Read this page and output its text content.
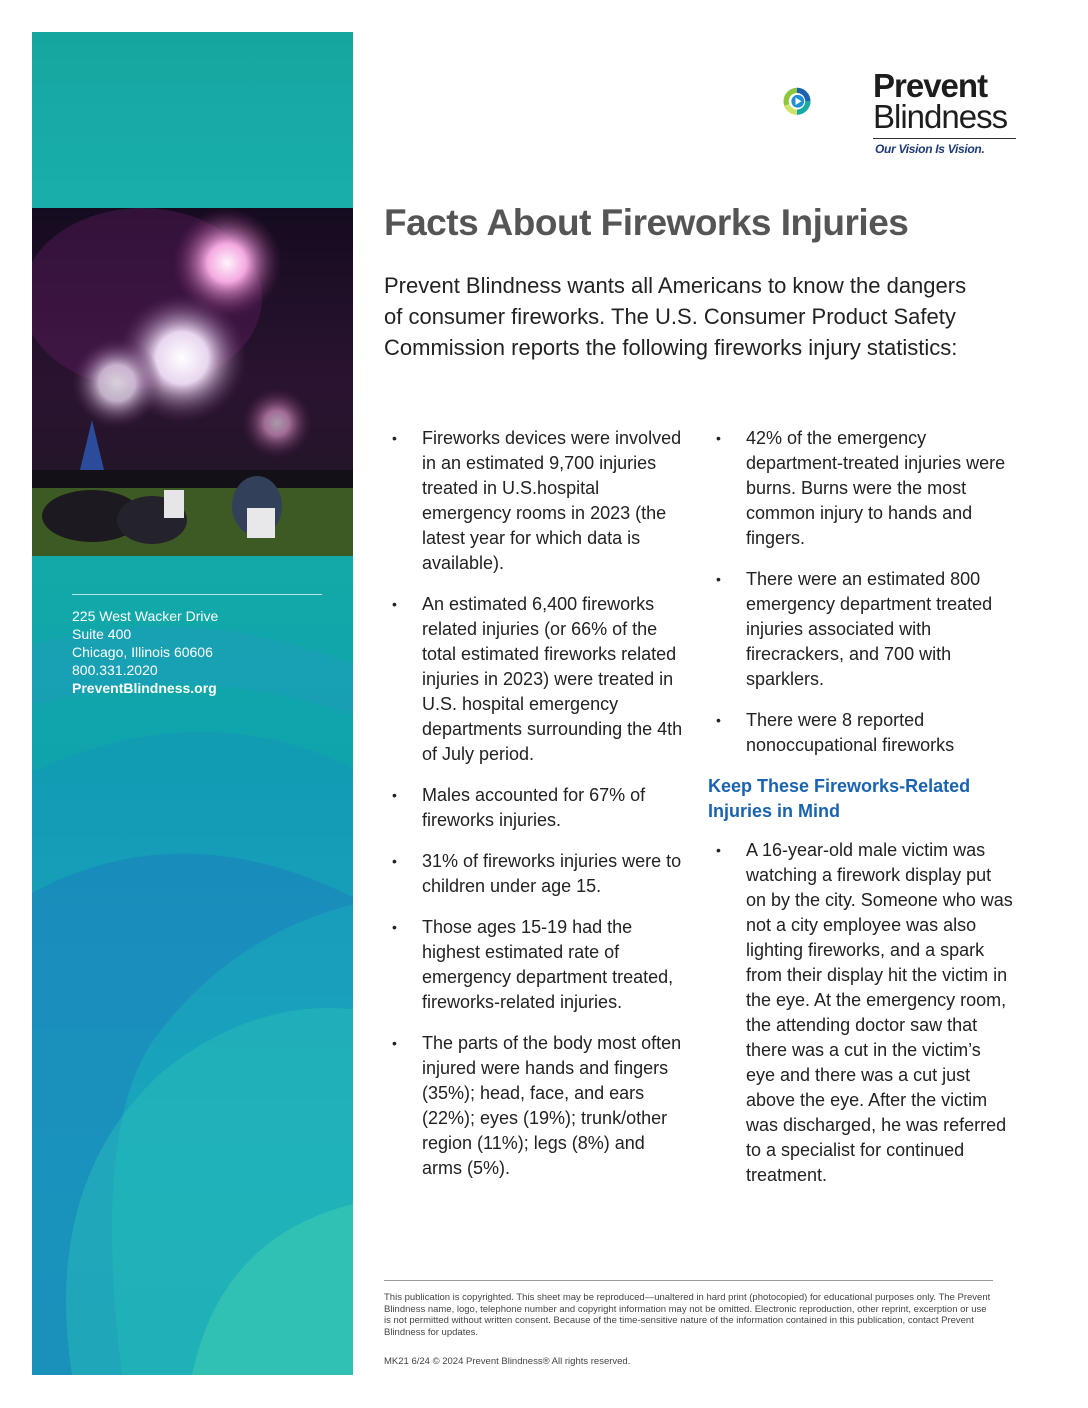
225 West Wacker Drive
Suite 400
Chicago, Illinois 60606
800.331.2020
PreventBlindness.org
Prevent
Blindness
Our Vision Is Vision.
Facts About Fireworks Injuries

Prevent Blindness wants all Americans to know the dangers of consumer fireworks. The U.S. Consumer Product Safety Commission reports the following fireworks injury statistics:

• Fireworks devices were involved in an estimated 9,700 injuries treated in U.S.hospital emergency rooms in 2023 (the latest year for which data is available).
• An estimated 6,400 fireworks related injuries (or 66% of the total estimated fireworks related injuries in 2023) were treated in U.S. hospital emergency departments surrounding the 4th of July period.
• Males accounted for 67% of fireworks injuries.
• 31% of fireworks injuries were to children under age 15.
• Those ages 15-19 had the highest estimated rate of emergency department treated, fireworks-related injuries.
• The parts of the body most often injured were hands and fingers (35%); head, face, and ears (22%); eyes (19%); trunk/other region (11%); legs (8%) and arms (5%).
• 42% of the emergency department-treated injuries were burns. Burns were the most common injury to hands and fingers.
• There were an estimated 800 emergency department treated injuries associated with firecrackers, and 700 with sparklers.
• There were 8 reported nonoccupational fireworks
Keep These Fireworks-Related Injuries in Mind
• A 16-year-old male victim was watching a firework display put on by the city. Someone who was not a city employee was also lighting fireworks, and a spark from their display hit the victim in the eye. At the emergency room, the attending doctor saw that there was a cut in the victim’s eye and there was a cut just above the eye. After the victim was discharged, he was referred to a specialist for continued treatment.

This publication is copyrighted. This sheet may be reproduced—unaltered in hard print (photocopied) for educational purposes only. The Prevent Blindness name, logo, telephone number and copyright information may not be omitted. Electronic reproduction, other reprint, excerption or use is not permitted without written consent. Because of the time-sensitive nature of the information contained in this publication, contact Prevent Blindness for updates.

MK21 6/24 © 2024 Prevent Blindness® All rights reserved.
